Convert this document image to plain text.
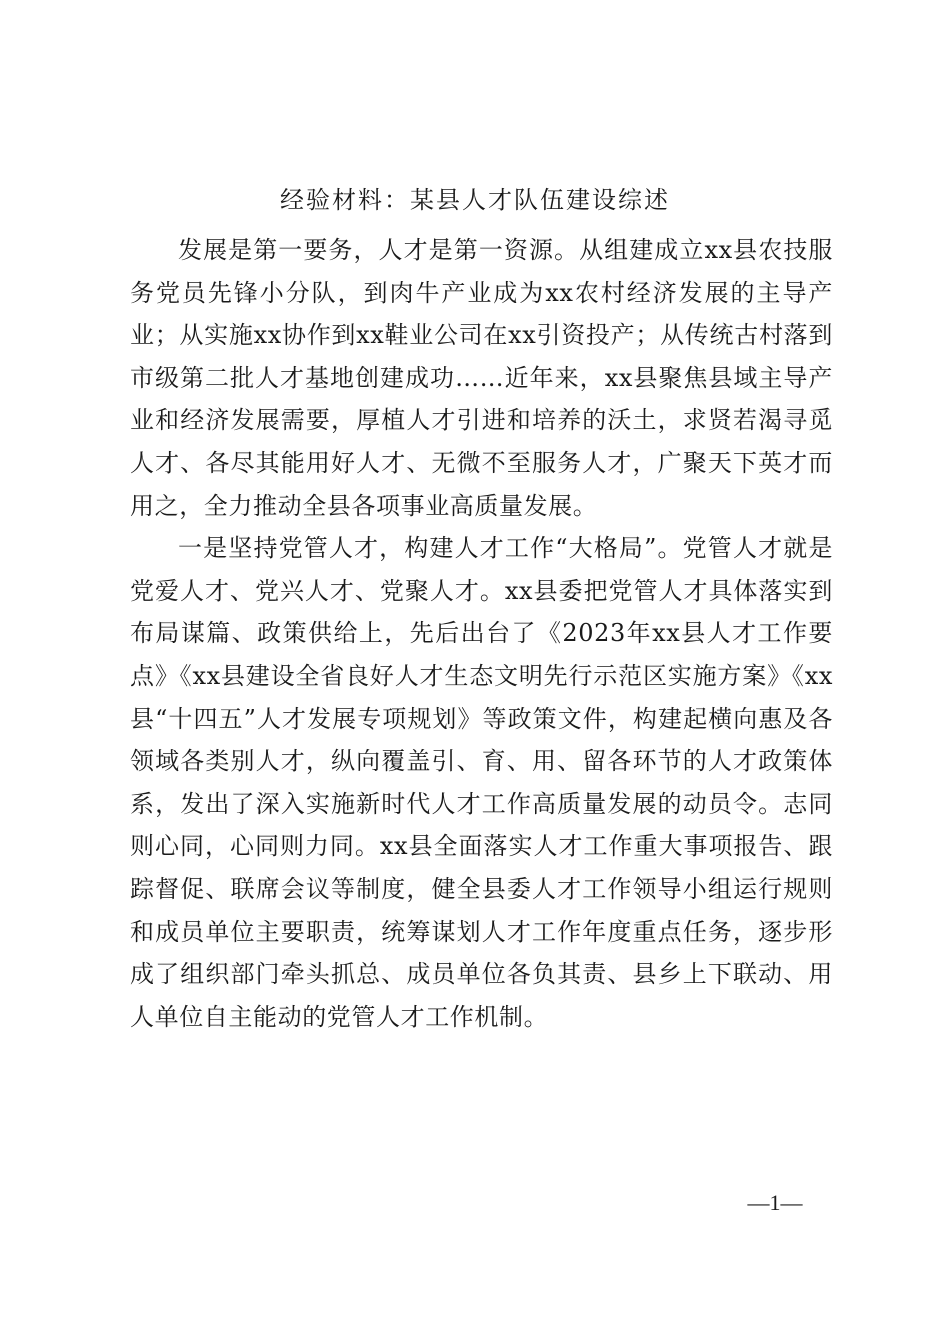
经验材料：某县人才队伍建设综述

发展是第一要务，人才是第一资源。从组建成立xx县农技服务党员先锋小分队，到肉牛产业成为xx农村经济发展的主导产业；从实施xx协作到xx鞋业公司在xx引资投产；从传统古村落到市级第二批人才基地创建成功……近年来，xx县聚焦县域主导产业和经济发展需要，厚植人才引进和培养的沃土，求贤若渴寻觅人才、各尽其能用好人才、无微不至服务人才，广聚天下英才而用之，全力推动全县各项事业高质量发展。

一是坚持党管人才，构建人才工作“大格局”。党管人才就是党爱人才、党兴人才、党聚人才。xx县委把党管人才具体落实到布局谋篇、政策供给上，先后出台了《2023年xx县人才工作要点》《xx县建设全省良好人才生态文明先行示范区实施方案》《xx县“十四五”人才发展专项规划》等政策文件，构建起横向惠及各领域各类别人才，纵向覆盖引、育、用、留各环节的人才政策体系，发出了深入实施新时代人才工作高质量发展的动员令。志同则心同，心同则力同。xx县全面落实人才工作重大事项报告、跟踪督促、联席会议等制度，健全县委人才工作领导小组运行规则和成员单位主要职责，统筹谋划人才工作年度重点任务，逐步形成了组织部门牵头抓总、成员单位各负其责、县乡上下联动、用人单位自主能动的党管人才工作机制。

—1—
